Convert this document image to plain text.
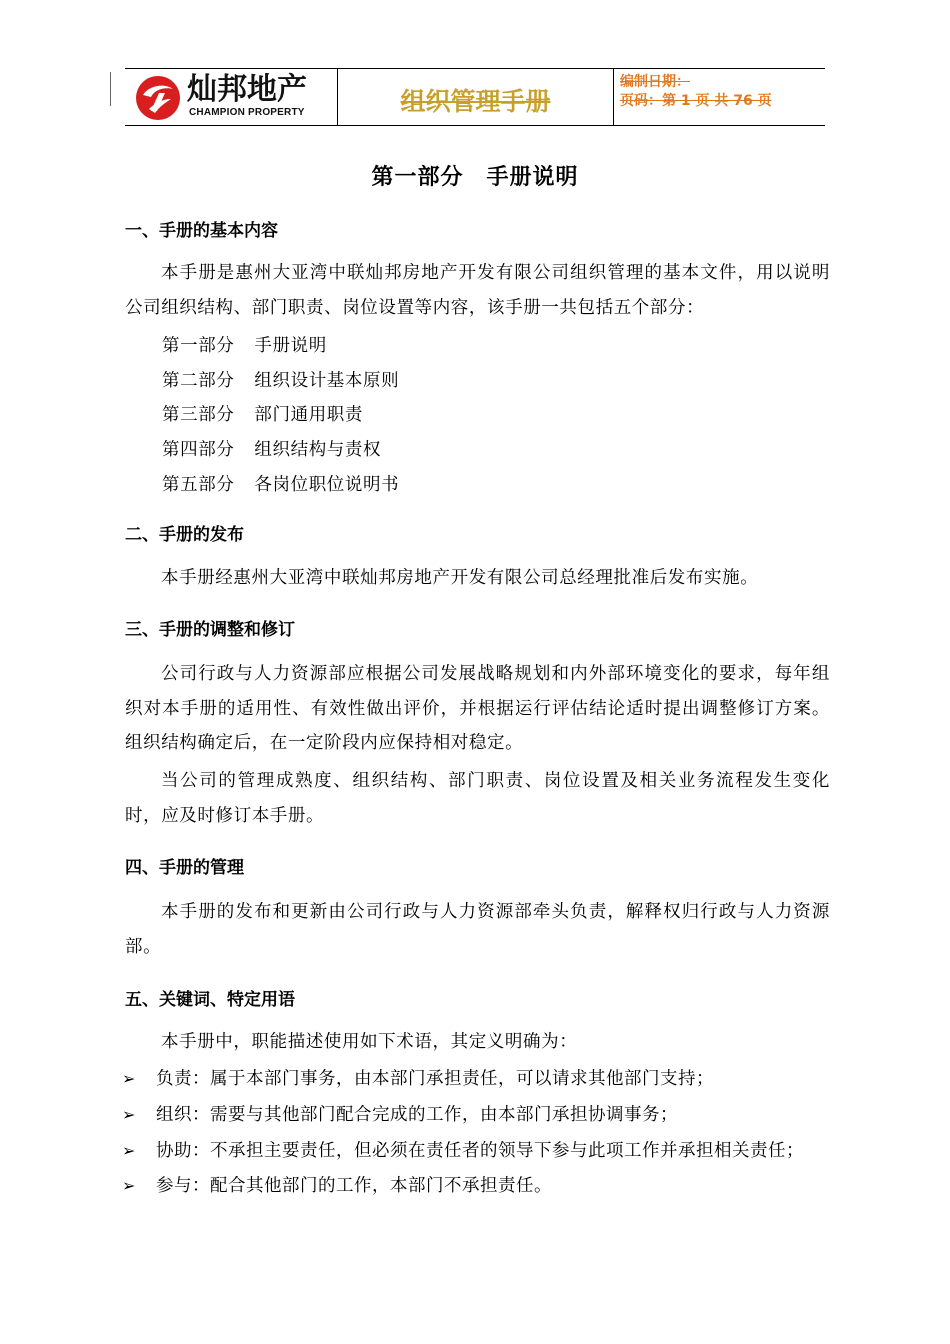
灿邦地产
CHAMPION PROPERTY	组织管理手册
编制日期：
页码：第 1 页 共 76 页
第一部分　手册说明
一、手册的基本内容
本手册是惠州大亚湾中联灿邦房地产开发有限公司组织管理的基本文件，用以说明公司组织结构、部门职责、岗位设置等内容，该手册一共包括五个部分：
第一部分 手册说明
第二部分 组织设计基本原则
第三部分 部门通用职责
第四部分 组织结构与责权
第五部分 各岗位职位说明书
二、手册的发布
本手册经惠州大亚湾中联灿邦房地产开发有限公司总经理批准后发布实施。
三、手册的调整和修订
公司行政与人力资源部应根据公司发展战略规划和内外部环境变化的要求，每年组织对本手册的适用性、有效性做出评价，并根据运行评估结论适时提出调整修订方案。组织结构确定后，在一定阶段内应保持相对稳定。
当公司的管理成熟度、组织结构、部门职责、岗位设置及相关业务流程发生变化时，应及时修订本手册。
四、手册的管理
本手册的发布和更新由公司行政与人力资源部牵头负责，解释权归行政与人力资源部。
五、关键词、特定用语
本手册中，职能描述使用如下术语，其定义明确为：
➢ 负责：属于本部门事务，由本部门承担责任，可以请求其他部门支持；
➢ 组织：需要与其他部门配合完成的工作，由本部门承担协调事务；
➢ 协助：不承担主要责任，但必须在责任者的领导下参与此项工作并承担相关责任；
➢ 参与：配合其他部门的工作，本部门不承担责任。
